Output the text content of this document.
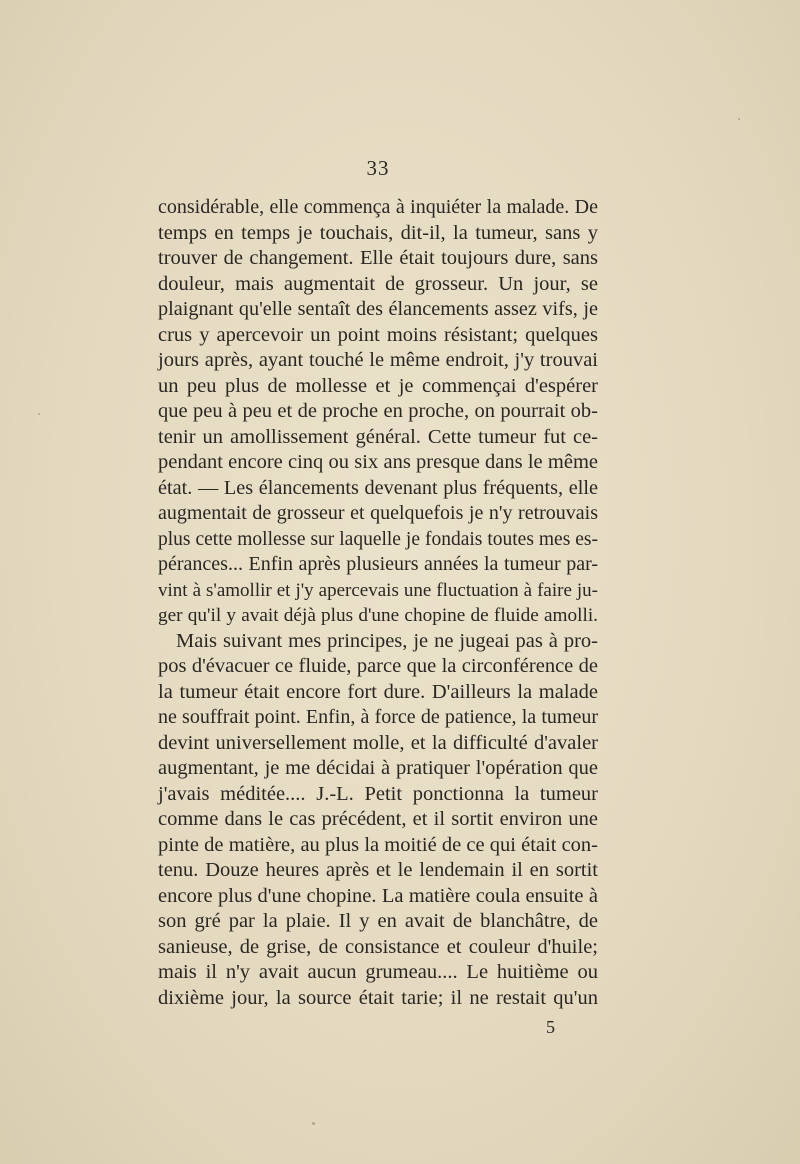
33
considérable, elle commença à inquiéter la malade. De
temps en temps je touchais, dit-il, la tumeur, sans y
trouver de changement. Elle était toujours dure, sans
douleur, mais augmentait de grosseur. Un jour, se
plaignant qu'elle sentaît des élancements assez vifs, je
crus y apercevoir un point moins résistant; quelques
jours après, ayant touché le même endroit, j'y trouvai
un peu plus de mollesse et je commençai d'espérer
que peu à peu et de proche en proche, on pourrait ob-
tenir un amollissement général. Cette tumeur fut ce-
pendant encore cinq ou six ans presque dans le même
état. — Les élancements devenant plus fréquents, elle
augmentait de grosseur et quelquefois je n'y retrouvais
plus cette mollesse sur laquelle je fondais toutes mes es-
pérances... Enfin après plusieurs années la tumeur par-
vint à s'amollir et j'y apercevais une fluctuation à faire ju-
ger qu'il y avait déjà plus d'une chopine de fluide amolli.
Mais suivant mes principes, je ne jugeai pas à pro-
pos d'évacuer ce fluide, parce que la circonférence de
la tumeur était encore fort dure. D'ailleurs la malade
ne souffrait point. Enfin, à force de patience, la tumeur
devint universellement molle, et la difficulté d'avaler
augmentant, je me décidai à pratiquer l'opération que
j'avais méditée.... J.-L. Petit ponctionna la tumeur
comme dans le cas précédent, et il sortit environ une
pinte de matière, au plus la moitié de ce qui était con-
tenu. Douze heures après et le lendemain il en sortit
encore plus d'une chopine. La matière coula ensuite à
son gré par la plaie. Il y en avait de blanchâtre, de
sanieuse, de grise, de consistance et couleur d'huile;
mais il n'y avait aucun grumeau.... Le huitième ou
dixième jour, la source était tarie; il ne restait qu'un
5
